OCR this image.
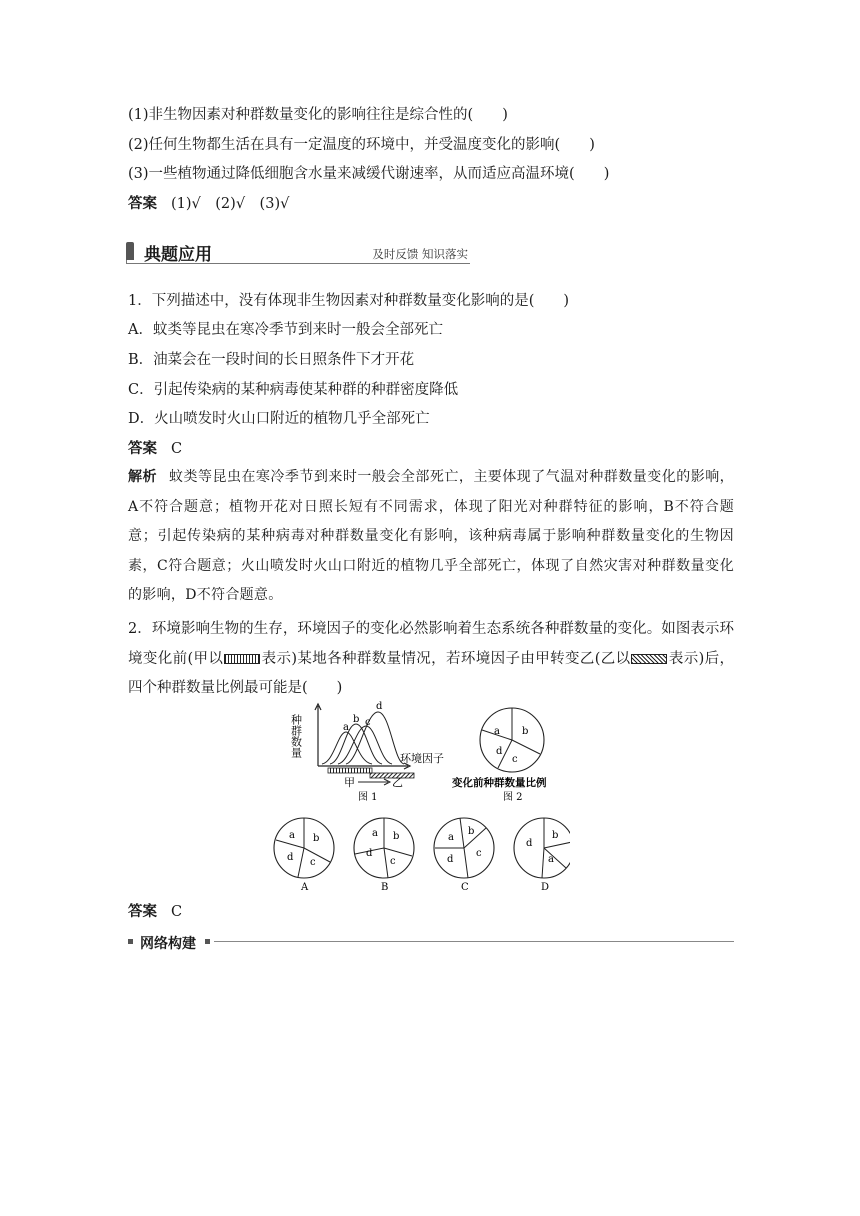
(1)非生物因素对种群数量变化的影响往往是综合性的(　　)
(2)任何生物都生活在具有一定温度的环境中，并受温度变化的影响(　　)
(3)一些植物通过降低细胞含水量来减缓代谢速率，从而适应高温环境(　　)
答案 (1)√　(2)√　(3)√
典题应用	及时反馈 知识落实
1．下列描述中，没有体现非生物因素对种群数量变化影响的是(　　)
A．蚊类等昆虫在寒冷季节到来时一般会全部死亡
B．油菜会在一段时间的长日照条件下才开花
C．引起传染病的某种病毒使某种群的种群密度降低
D．火山喷发时火山口附近的植物几乎全部死亡
答案 C
解析 蚊类等昆虫在寒冷季节到来时一般会全部死亡，主要体现了气温对种群数量变化的影响，A不符合题意；植物开花对日照长短有不同需求，体现了阳光对种群特征的影响，B不符合题意；引起传染病的某种病毒对种群数量变化有影响，该种病毒属于影响种群数量变化的生物因素，C符合题意；火山喷发时火山口附近的植物几乎全部死亡，体现了自然灾害对种群数量变化的影响，D不符合题意。
2．环境影响生物的生存，环境因子的变化必然影响着生态系统各种群数量的变化。如图表示环境变化前(甲以	表示)某地各种群数量情况，若环境因子由甲转变乙(乙以	表示)后，四个种群数量比例最可能是(　　)
种群数量
环境因子
a
b c
d
甲	乙
图 1
a b
d
c
变化前种群数量比例
图 2
a b
d c
A
a b
d
c
B
a
b
d
c
C
d
b
a
D
答案 C
网络构建
